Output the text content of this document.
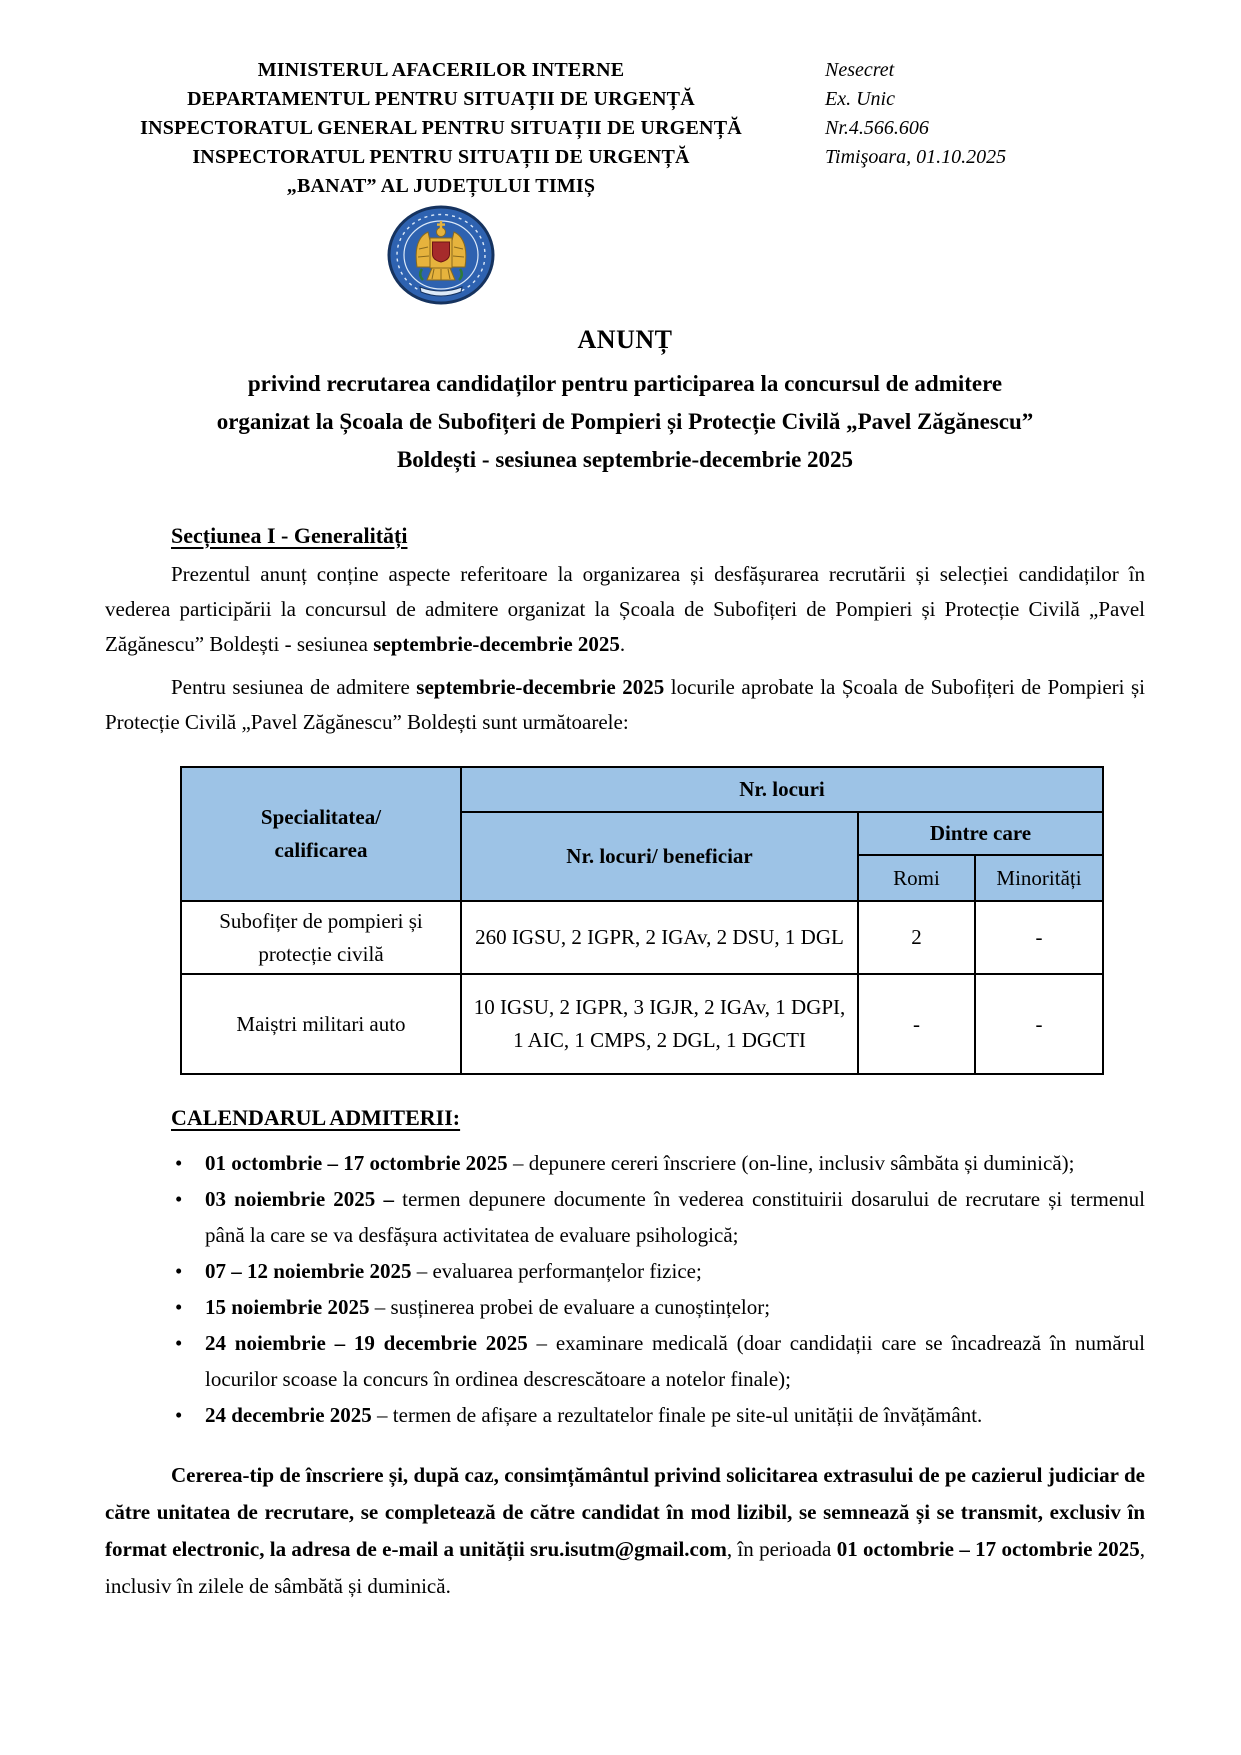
MINISTERUL AFACERILOR INTERNE
DEPARTAMENTUL PENTRU SITUAȚII DE URGENȚĂ
INSPECTORATUL GENERAL PENTRU SITUAȚII DE URGENȚĂ
INSPECTORATUL PENTRU SITUAȚII DE URGENȚĂ
„BANAT” AL JUDEȚULUI TIMIȘ
Nesecret
Ex. Unic
Nr.4.566.606
Timişoara, 01.10.2025
ANUNȚ
privind recrutarea candidaților pentru participarea la concursul de admitere
organizat la Școala de Subofițeri de Pompieri și Protecție Civilă „Pavel Zăgănescu”
Boldești - sesiunea septembrie-decembrie 2025
Secțiunea I - Generalități

Prezentul anunț conține aspecte referitoare la organizarea și desfășurarea recrutării și selecției candidaților în vederea participării la concursul de admitere organizat la Școala de Subofițeri de Pompieri și Protecție Civilă „Pavel Zăgănescu” Boldești - sesiunea septembrie-decembrie 2025.

Pentru sesiunea de admitere septembrie-decembrie 2025 locurile aprobate la Școala de Subofițeri de Pompieri și Protecție Civilă „Pavel Zăgănescu” Boldești sunt următoarele:

Specialitatea/
calificarea	Nr. locuri		
	Nr. locuri/ beneficiar	Dintre care	
		Romi	Minorități
Subofițer de pompieri și protecție civilă	260 IGSU, 2 IGPR, 2 IGAv, 2 DSU, 1 DGL	2	-
Maiștri militari auto	10 IGSU, 2 IGPR, 3 IGJR, 2 IGAv, 1 DGPI, 1 AIC, 1 CMPS, 2 DGL, 1 DGCTI	-	-
CALENDARUL ADMITERII:
• 01 octombrie – 17 octombrie 2025 – depunere cereri înscriere (on-line, inclusiv sâmbăta și duminică);
• 03 noiembrie 2025 – termen depunere documente în vederea constituirii dosarului de recrutare și termenul până la care se va desfășura activitatea de evaluare psihologică;
• 07 – 12 noiembrie 2025 – evaluarea performanțelor fizice;
• 15 noiembrie 2025 – susținerea probei de evaluare a cunoștințelor;
• 24 noiembrie – 19 decembrie 2025 – examinare medicală (doar candidații care se încadrează în numărul locurilor scoase la concurs în ordinea descrescătoare a notelor finale);
• 24 decembrie 2025 – termen de afișare a rezultatelor finale pe site-ul unității de învățământ.

Cererea-tip de înscriere și, după caz, consimțământul privind solicitarea extrasului de pe cazierul judiciar de către unitatea de recrutare, se completează de către candidat în mod lizibil, se semnează și se transmit, exclusiv în format electronic, la adresa de e-mail a unității sru.isutm@gmail.com, în perioada 01 octombrie – 17 octombrie 2025, inclusiv în zilele de sâmbătă și duminică.
